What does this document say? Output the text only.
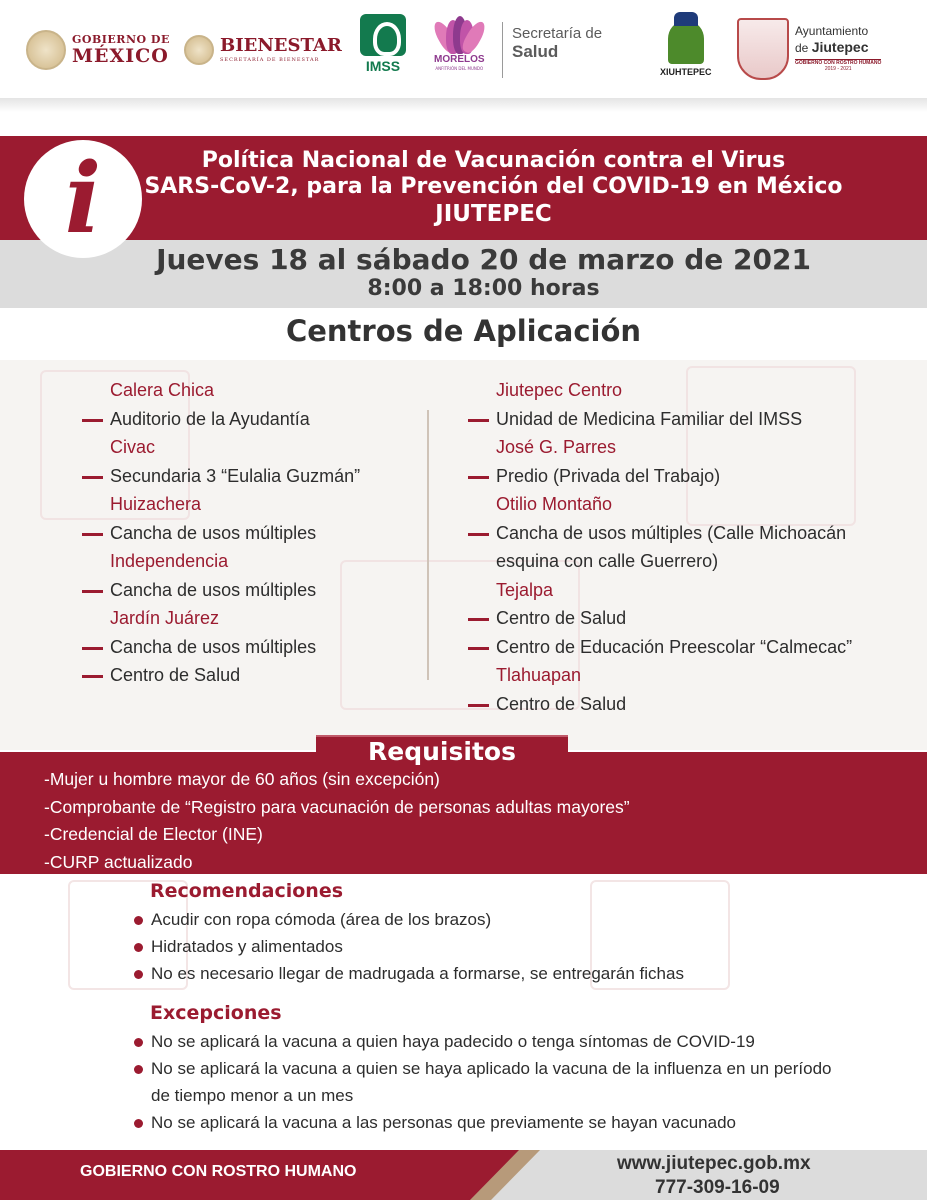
GOBIERNO DE
MÉXICO	BIENESTAR
SECRETARÍA DE BIENESTAR	IMSS	MORELOS
ANFITRIÓN DEL MUNDO
Secretaría de
Salud
XIUHTEPEC
Ayuntamiento
de Jiutepec
GOBIERNO CON ROSTRO HUMANO
2019 - 2021
Política Nacional de Vacunación contra el Virus
SARS-CoV-2, para la Prevención del COVID-19 en México
JIUTEPEC
i
Jueves 18 al sábado 20 de marzo de 2021
8:00 a 18:00 horas
Centros de Aplicación
Calera Chica
Auditorio de la Ayudantía
Civac
Secundaria 3 “Eulalia Guzmán”
Huizachera
Cancha de usos múltiples
Independencia
Cancha de usos múltiples
Jardín Juárez
Cancha de usos múltiples
Centro de Salud
Jiutepec Centro
Unidad de Medicina Familiar del IMSS
José G. Parres
Predio (Privada del Trabajo)
Otilio Montaño
Cancha de usos múltiples (Calle Michoacán
esquina con calle Guerrero)
Tejalpa
Centro de Salud
Centro de Educación Preescolar “Calmecac”
Tlahuapan
Centro de Salud
Requisitos
-Mujer u hombre mayor de 60 años (sin excepción)
-Comprobante de “Registro para vacunación de personas adultas mayores”
-Credencial de Elector (INE)
-CURP actualizado
Recomendaciones
Acudir con ropa cómoda (área de los brazos)
Hidratados y alimentados
No es necesario llegar de madrugada a formarse, se entregarán fichas
Excepciones
No se aplicará la vacuna a quien haya padecido o tenga síntomas de COVID-19
No se aplicará la vacuna a quien se haya aplicado la vacuna de la influenza en un período de tiempo menor a un mes
No se aplicará la vacuna a las personas que previamente se hayan vacunado
GOBIERNO CON ROSTRO HUMANO	www.jiutepec.gob.mx
777-309-16-09
